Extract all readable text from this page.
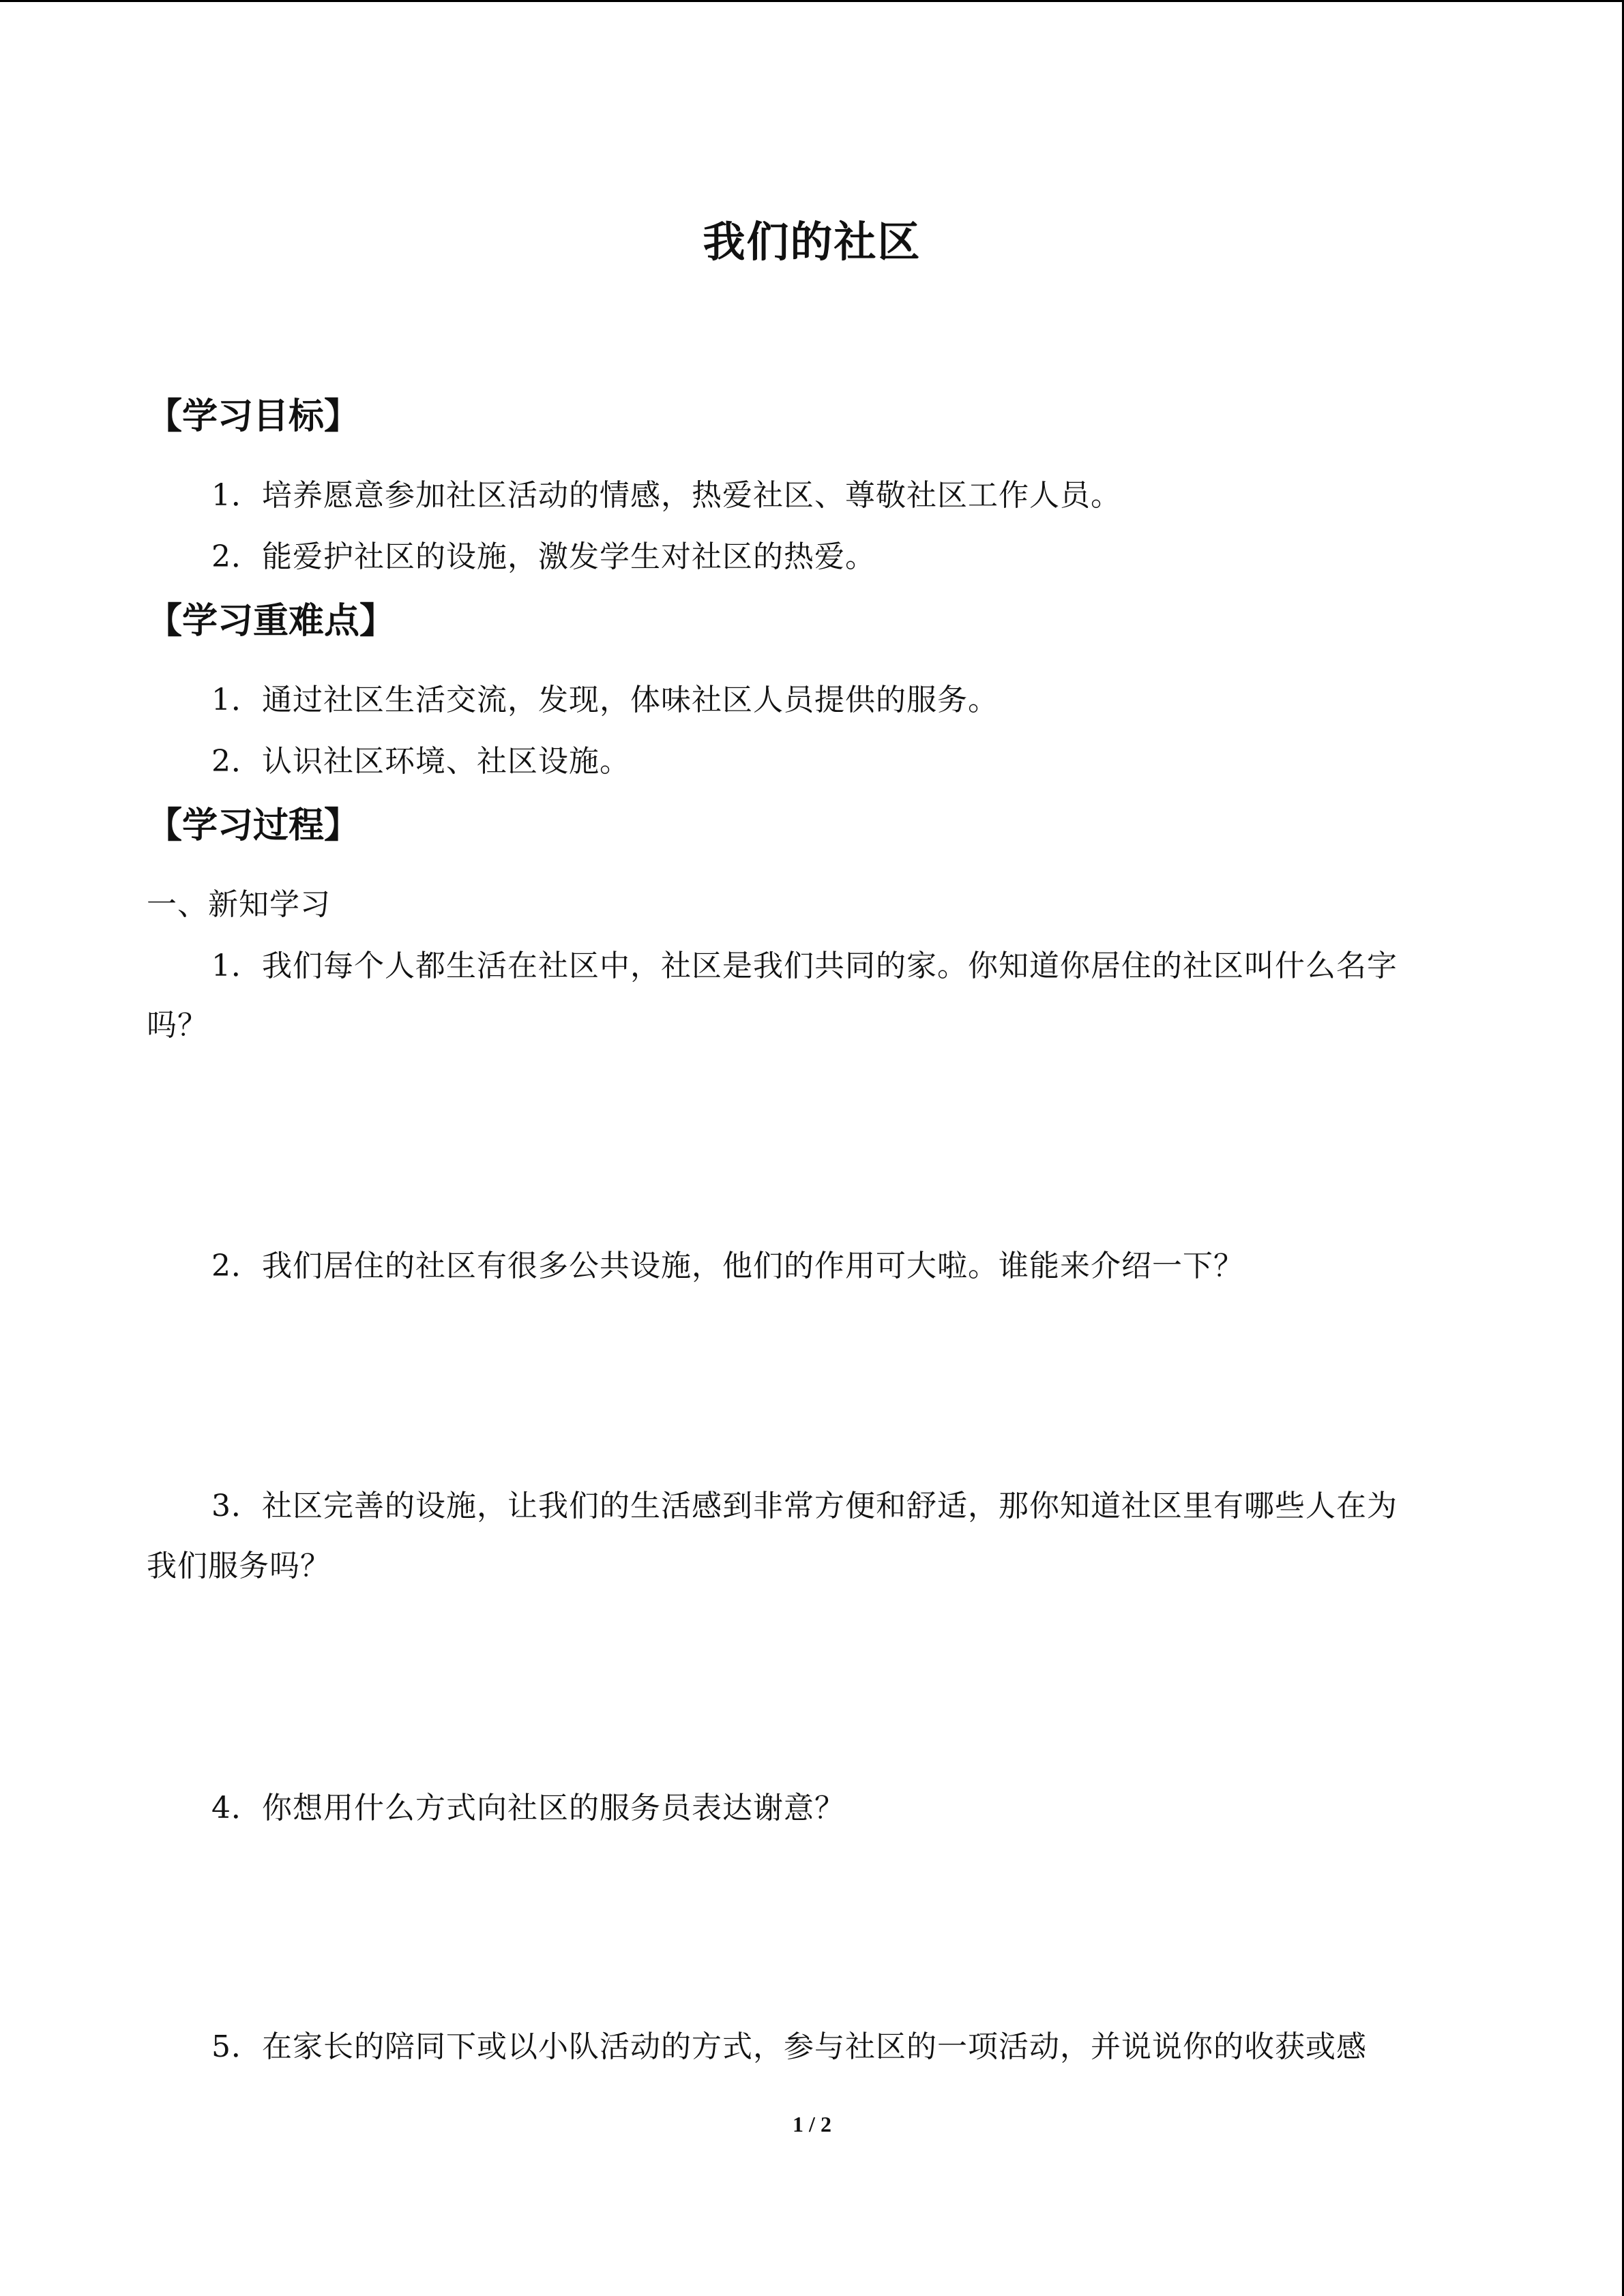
我们的社区
【学习目标】
1．培养愿意参加社区活动的情感，热爱社区、尊敬社区工作人员。
2．能爱护社区的设施，激发学生对社区的热爱。
【学习重难点】
1．通过社区生活交流，发现，体味社区人员提供的服务。
2．认识社区环境、社区设施。
【学习过程】
一、新知学习
1．我们每个人都生活在社区中，社区是我们共同的家。你知道你居住的社区叫什么名字
吗？
2．我们居住的社区有很多公共设施，他们的作用可大啦。谁能来介绍一下？
3．社区完善的设施，让我们的生活感到非常方便和舒适，那你知道社区里有哪些人在为
我们服务吗？
4．你想用什么方式向社区的服务员表达谢意？
5．在家长的陪同下或以小队活动的方式，参与社区的一项活动，并说说你的收获或感
1 / 2
